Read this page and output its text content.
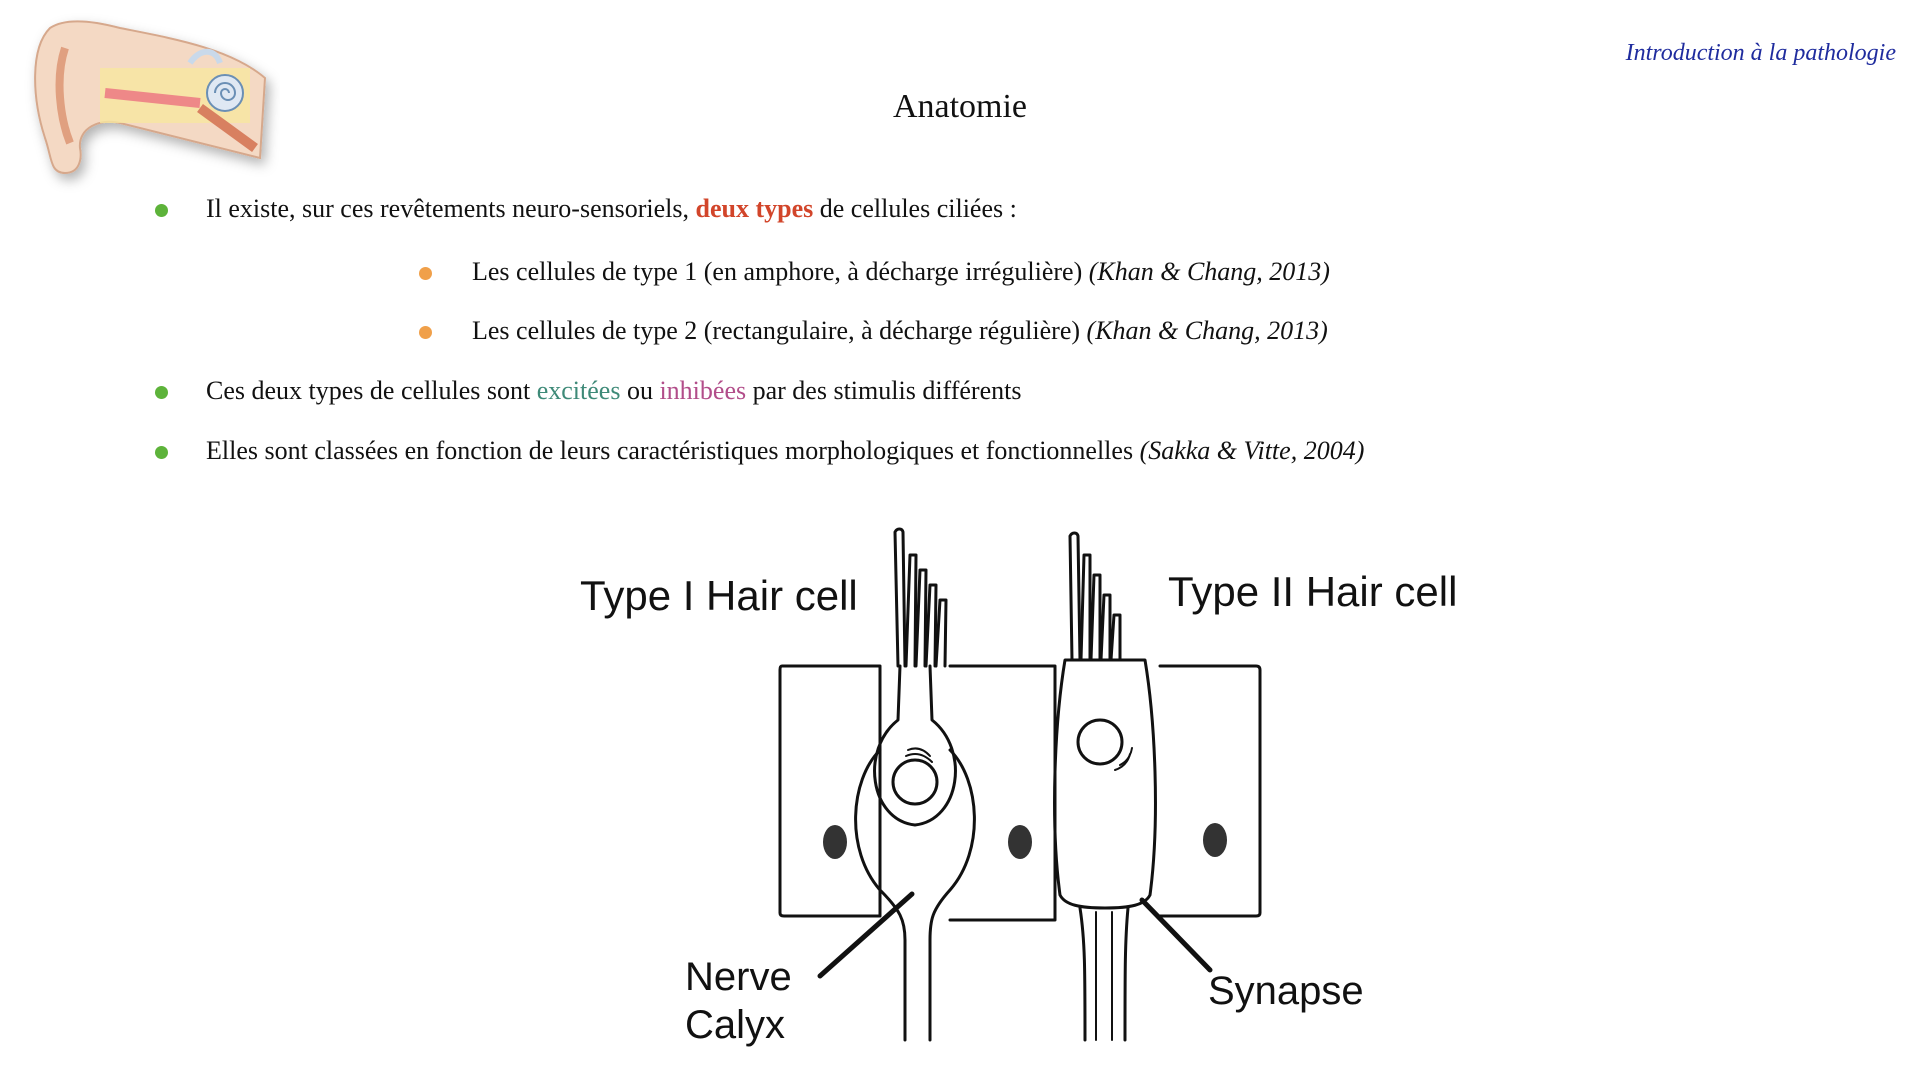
Introduction à la pathologie
Anatomie
Il existe, sur ces revêtements neuro-sensoriels, deux types de cellules ciliées :
Les cellules de type 1 (en amphore, à décharge irrégulière) (Khan & Chang, 2013)
Les cellules de type 2 (rectangulaire, à décharge régulière) (Khan & Chang, 2013)
Ces deux types de cellules sont excitées ou inhibées par des stimulis différents
Elles sont classées en fonction de leurs caractéristiques morphologiques et fonctionnelles (Sakka & Vitte, 2004)
Type I Hair cell	Type II Hair cell
Nerve
Calyx
Synapse
